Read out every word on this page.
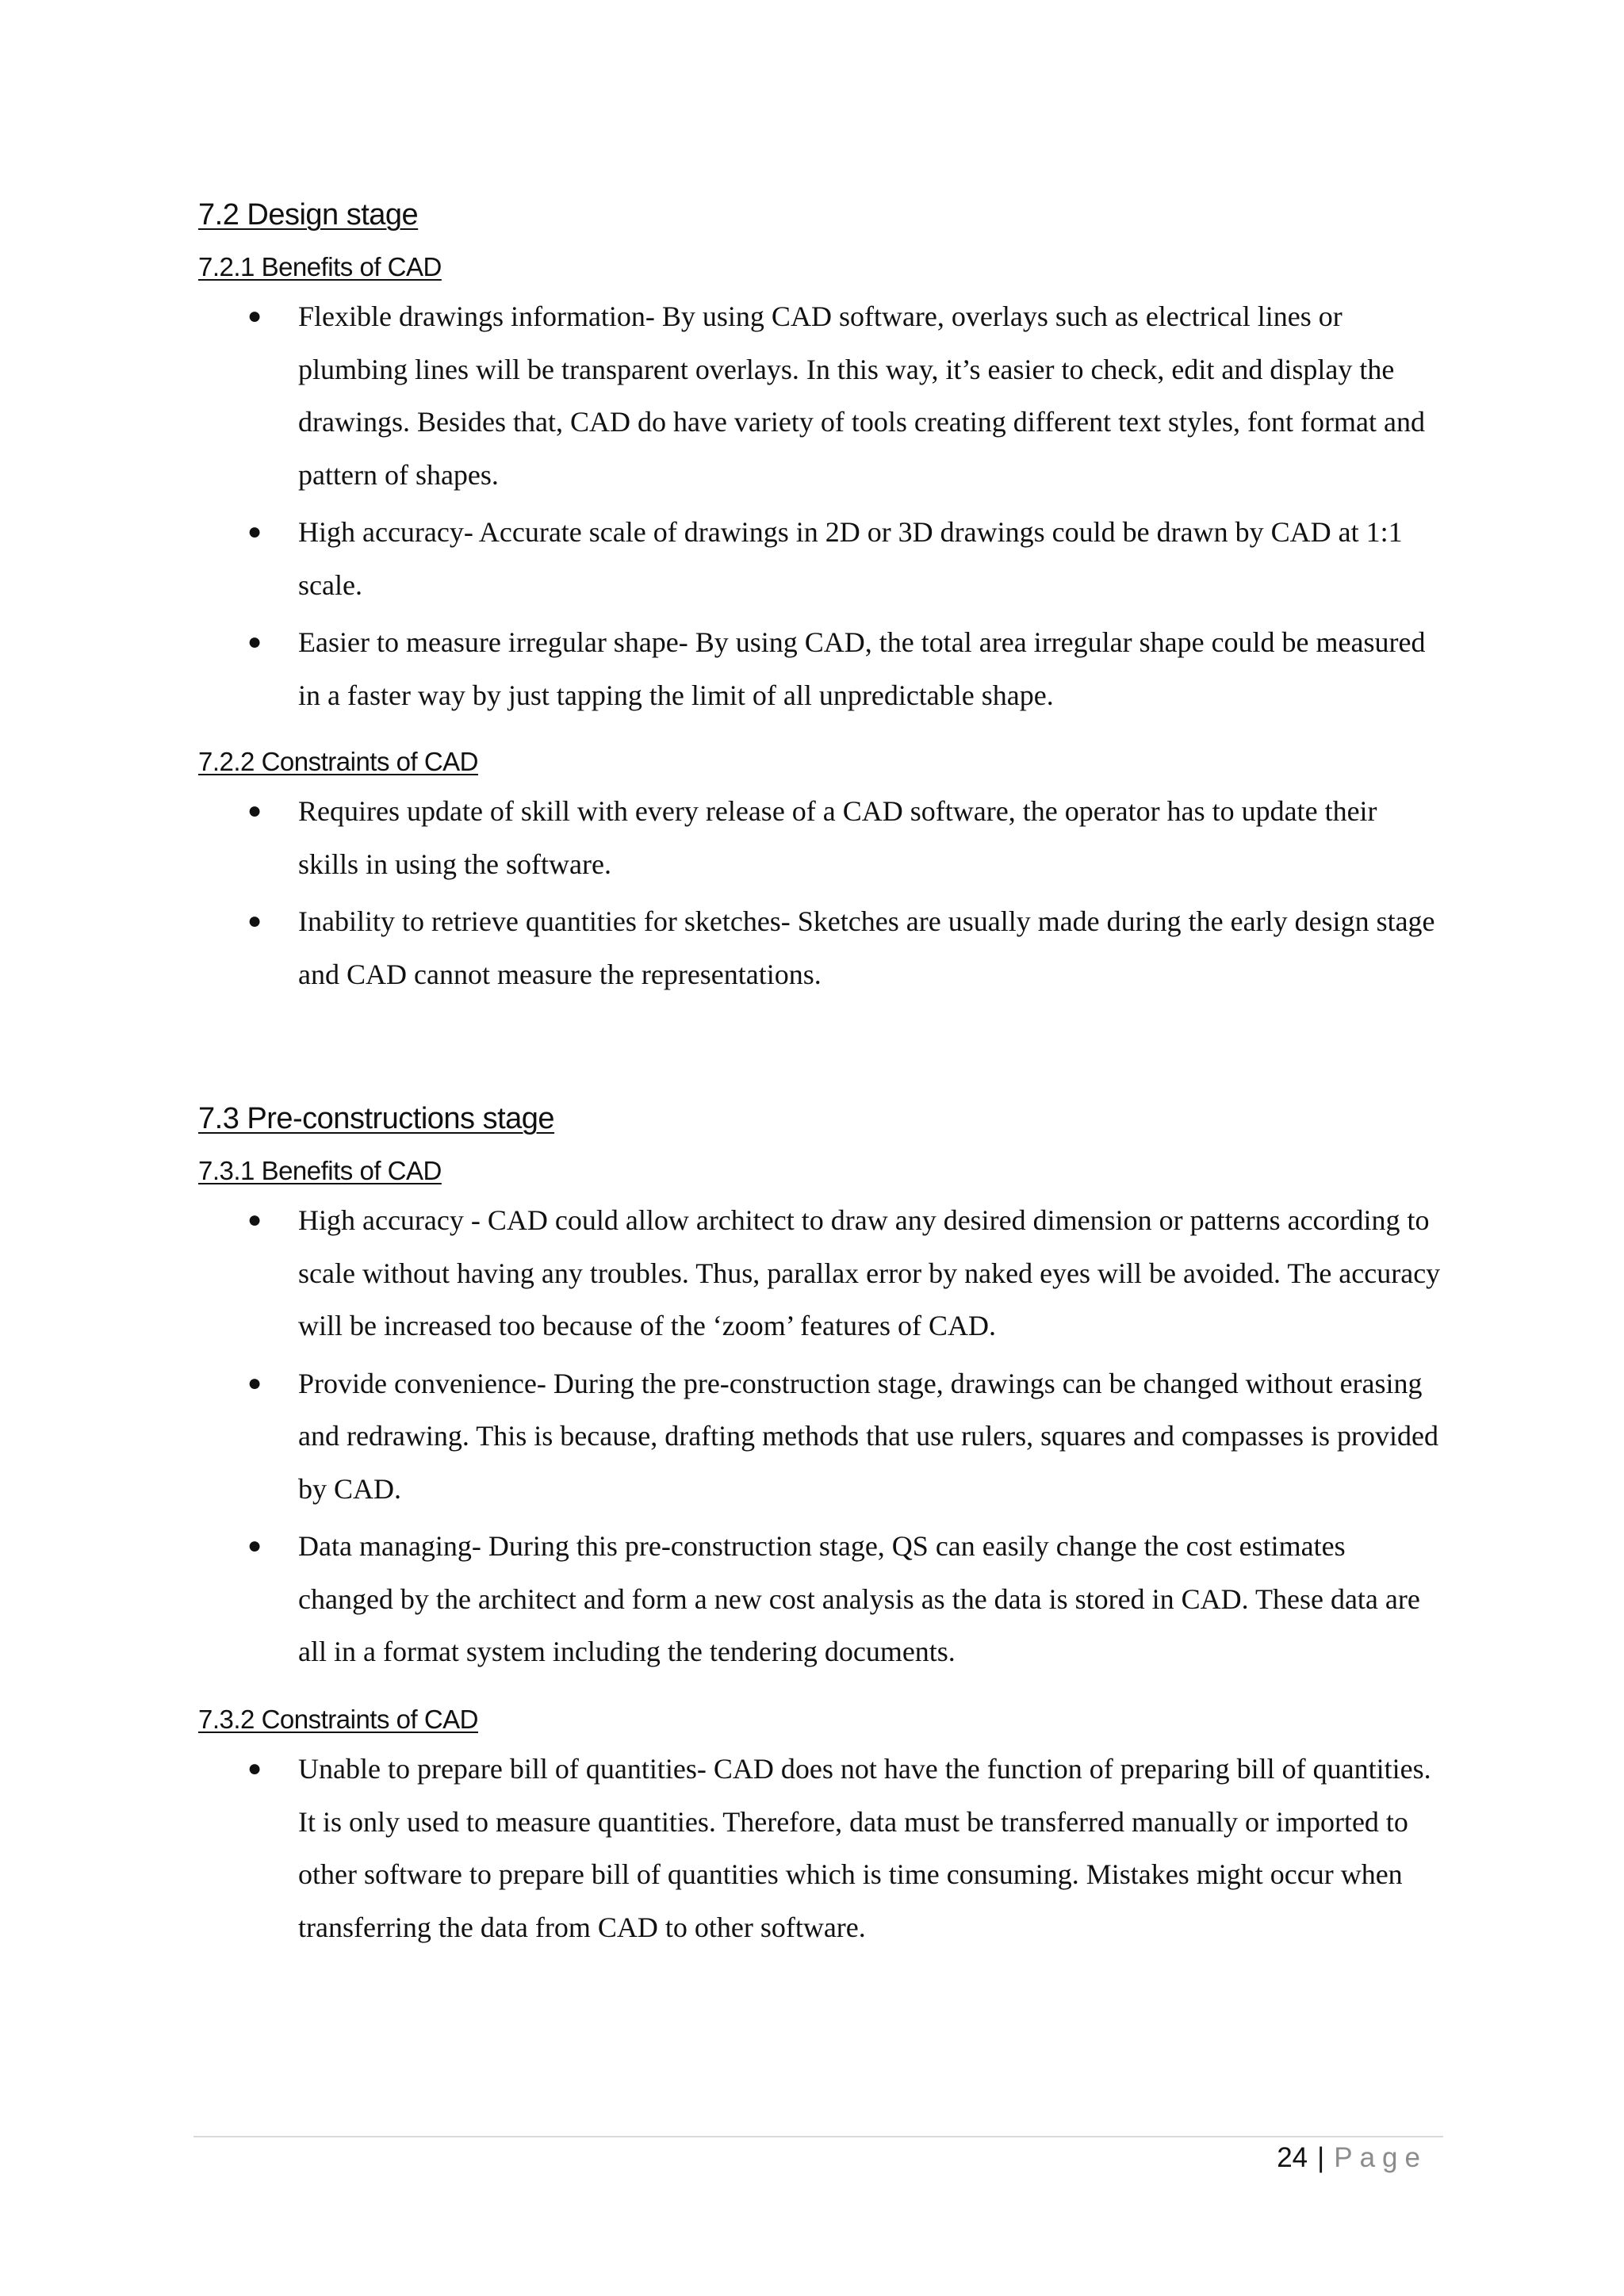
7.2 Design stage
7.2.1 Benefits of CAD
● Flexible drawings information- By using CAD software, overlays such as electrical lines or plumbing lines will be transparent overlays. In this way, it’s easier to check, edit and display the drawings. Besides that, CAD do have variety of tools creating different text styles, font format and pattern of shapes.
● High accuracy- Accurate scale of drawings in 2D or 3D drawings could be drawn by CAD at 1:1 scale.
● Easier to measure irregular shape- By using CAD, the total area irregular shape could be measured in a faster way by just tapping the limit of all unpredictable shape.
7.2.2 Constraints of CAD
● Requires update of skill with every release of a CAD software, the operator has to update their skills in using the software.
● Inability to retrieve quantities for sketches- Sketches are usually made during the early design stage and CAD cannot measure the representations.
7.3 Pre-constructions stage
7.3.1 Benefits of CAD
● High accuracy - CAD could allow architect to draw any desired dimension or patterns according to scale without having any troubles. Thus, parallax error by naked eyes will be avoided. The accuracy will be increased too because of the ‘zoom’ features of CAD.
● Provide convenience- During the pre-construction stage, drawings can be changed without erasing and redrawing. This is because, drafting methods that use rulers, squares and compasses is provided by CAD.
● Data managing- During this pre-construction stage, QS can easily change the cost estimates changed by the architect and form a new cost analysis as the data is stored in CAD. These data are all in a format system including the tendering documents.
7.3.2 Constraints of CAD
● Unable to prepare bill of quantities- CAD does not have the function of preparing bill of quantities. It is only used to measure quantities. Therefore, data must be transferred manually or imported to other software to prepare bill of quantities which is time consuming. Mistakes might occur when transferring the data from CAD to other software.
24 | Page
